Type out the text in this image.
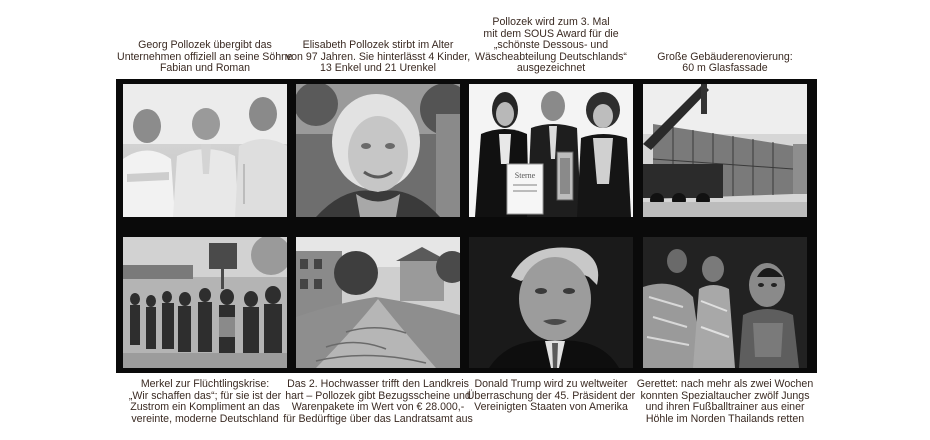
Georg Pollozek übergibt das
Unternehmen offiziell an seine Söhne
Fabian und Roman
Elisabeth Pollozek stirbt im Alter
von 97 Jahren. Sie hinterlässt 4 Kinder,
13 Enkel und 21 Urenkel
Pollozek wird zum 3. Mal
mit dem SOUS Award für die
„schönste Dessous- und
Wäscheabteilung Deutschlands“
ausgezeichnet
Große Gebäuderenovierung:
60 m Glasfassade
Sterne
Merkel zur Flüchtlingskrise:
„Wir schaffen das“; für sie ist der
Zustrom ein Kompliment an das
vereinte, moderne Deutschland
Das 2. Hochwasser trifft den Landkreis
hart – Pollozek gibt Bezugsscheine und
Warenpakete im Wert von € 28.000,-
für Bedürftige über das Landratsamt aus
Donald Trump wird zu weltweiter
Überraschung der 45. Präsident der
Vereinigten Staaten von Amerika
Gerettet: nach mehr als zwei Wochen
konnten Spezialtaucher zwölf Jungs
und ihren Fußballtrainer aus einer
Höhle im Norden Thailands retten
